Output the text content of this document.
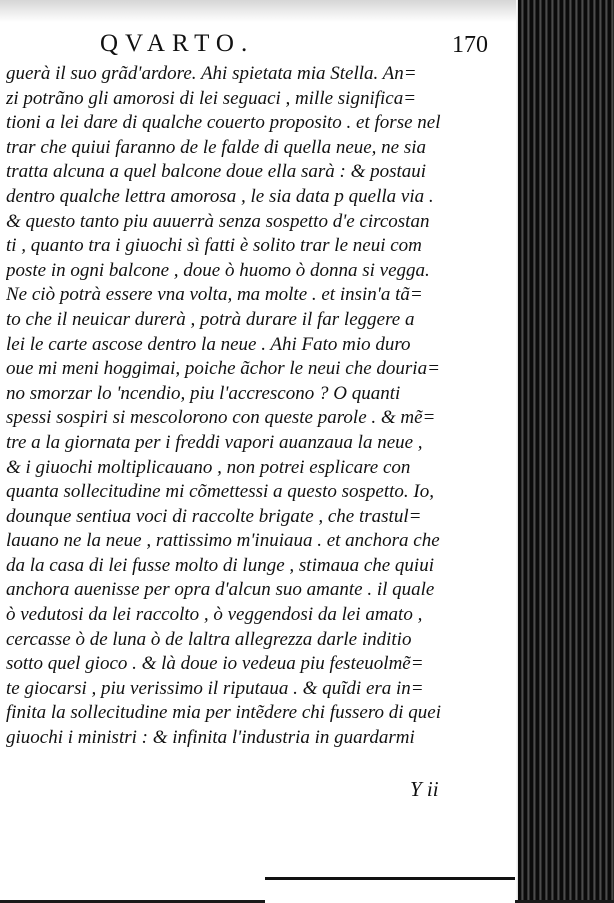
QVARTO.	170
guerà il suo grãd'ardore. Ahi spietata mia Stella. An=
zi potrãno gli amorosi di lei seguaci , mille significa=
tioni a lei dare di qualche couerto proposito . et forse nel
trar che quiui faranno de le falde di quella neue, ne sia
tratta alcuna a quel balcone doue ella sarà : & postaui
dentro qualche lettra amorosa , le sia data p quella via .
& questo tanto piu auuerrà senza sospetto d'e circostan
ti , quanto tra i giuochi sì fatti è solito trar le neui com
poste in ogni balcone , doue ò huomo ò donna si vegga.
Ne ciò potrà essere vna volta, ma molte . et insin'a tã=
to che il neuicar durerà , potrà durare il far leggere a
lei le carte ascose dentro la neue . Ahi Fato mio duro
oue mi meni hoggimai, poiche ãchor le neui che douria=
no smorzar lo 'ncendio, piu l'accrescono ? O quanti
spessi sospiri si mescolorono con queste parole . & mẽ=
tre a la giornata per i freddi vapori auanzaua la neue ,
& i giuochi moltiplicauano , non potrei esplicare con
quanta sollecitudine mi cõmettessi a questo sospetto. Io,
dounque sentiua voci di raccolte brigate , che trastul=
lauano ne la neue , rattissimo m'inuiaua . et anchora che
da la casa di lei fusse molto di lunge , stimaua che quiui
anchora auenisse per opra d'alcun suo amante . il quale
ò vedutosi da lei raccolto , ò veggendosi da lei amato ,
cercasse ò de luna ò de laltra allegrezza darle inditio
sotto quel gioco . & là doue io vedeua piu festeuolmẽ=
te giocarsi , piu verissimo il riputaua . & quĩdi era in=
finita la sollecitudine mia per intẽdere chi fussero di quei
giuochi i ministri : & infinita l'industria in guardarmi
Y ii
